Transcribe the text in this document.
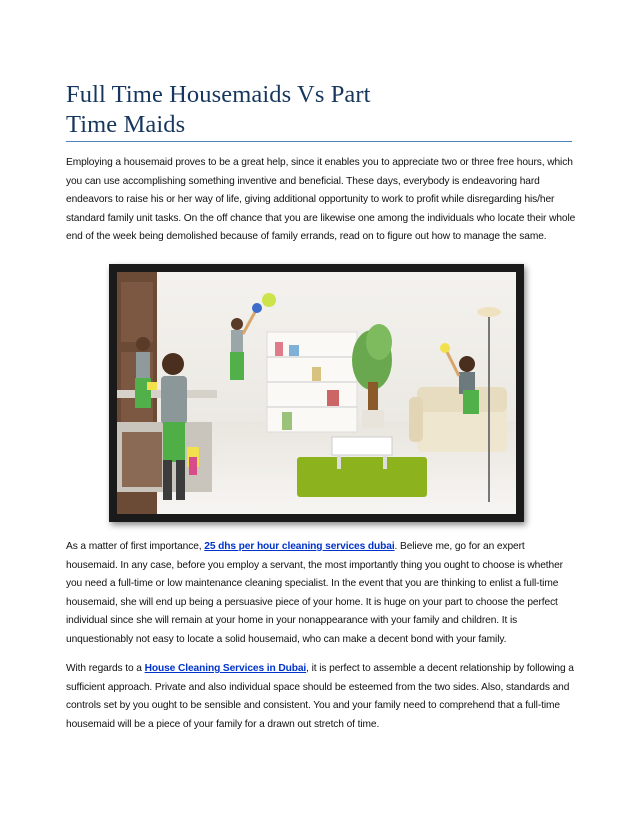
Full Time Housemaids Vs Part
Time Maids

Employing a housemaid proves to be a great help, since it enables you to appreciate two or three free hours, which you can use accomplishing something inventive and beneficial. These days, everybody is endeavoring hard endeavors to raise his or her way of life, giving additional opportunity to work to profit while disregarding his/her standard family unit tasks. On the off chance that you are likewise one among the individuals who locate their whole end of the week being demolished because of family errands, read on to figure out how to manage the same.

As a matter of first importance, 25 dhs per hour cleaning services dubai. Believe me, go for an expert housemaid. In any case, before you employ a servant, the most importantly thing you ought to choose is whether you need a full-time or low maintenance cleaning specialist. In the event that you are thinking to enlist a full-time housemaid, she will end up being a persuasive piece of your home. It is huge on your part to choose the perfect individual since she will remain at your home in your nonappearance with your family and children. It is unquestionably not easy to locate a solid housemaid, who can make a decent bond with your family.

With regards to a House Cleaning Services in Dubai, it is perfect to assemble a decent relationship by following a sufficient approach. Private and also individual space should be esteemed from the two sides. Also, standards and controls set by you ought to be sensible and consistent. You and your family need to comprehend that a full-time housemaid will be a piece of your family for a drawn out stretch of time.
